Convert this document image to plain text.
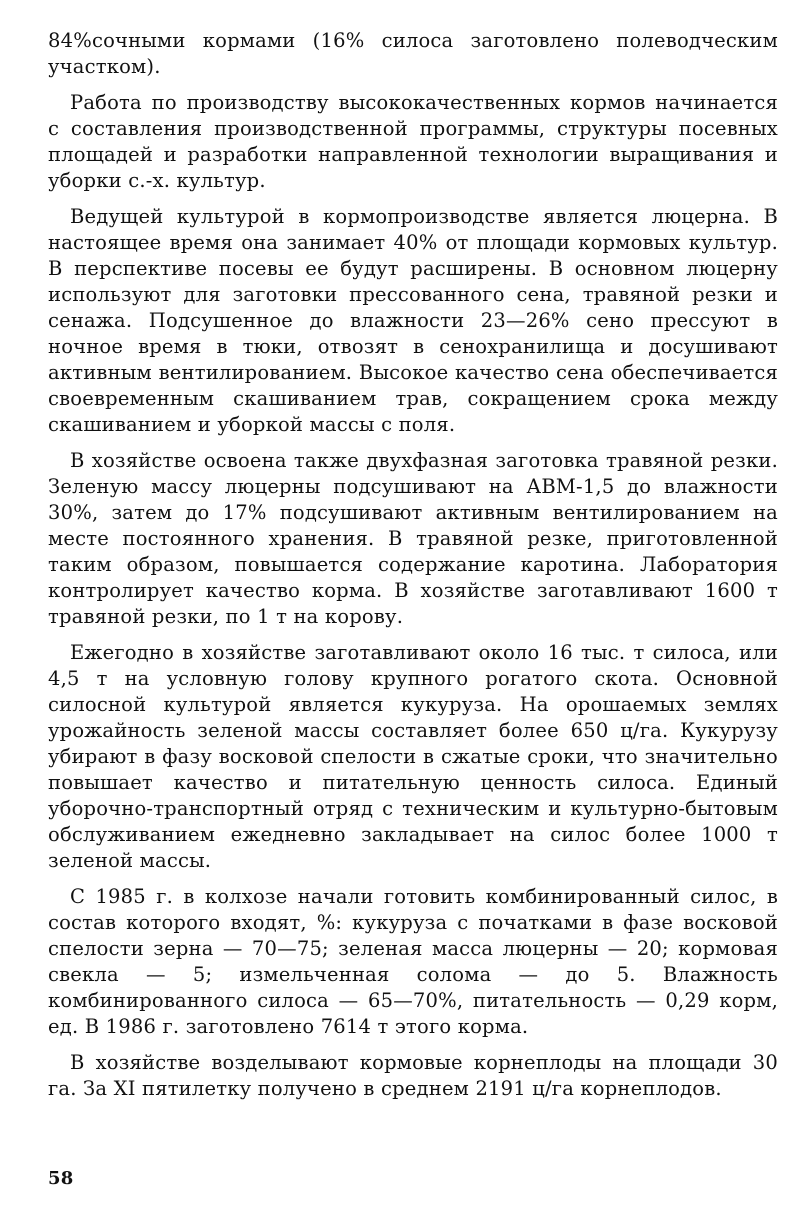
84%сочными кормами (16% силоса заготовлено полеводческим участком).

Работа по производству высококачественных кормов начинается с составления производственной программы, структуры посевных площадей и разработки направленной технологии выращивания и уборки с.-х. культур.

Ведущей культурой в кормопроизводстве является люцерна. В настоящее время она занимает 40% от площади кормовых культур. В перспективе посевы ее будут расширены. В основном люцерну используют для заготовки прессованного сена, травяной резки и сенажа. Подсушенное до влажности 23—26% сено прессуют в ночное время в тюки, отвозят в сенохранилища и досушивают активным вентилированием. Высокое качество сена обеспечивается своевременным скашиванием трав, сокращением срока между скашиванием и уборкой массы с поля.

В хозяйстве освоена также двухфазная заготовка травяной резки. Зеленую массу люцерны подсушивают на АВМ-1,5 до влажности 30%, затем до 17% подсушивают активным вентилированием на месте постоянного хранения. В травяной резке, приготовленной таким образом, повышается содержание каротина. Лаборатория контролирует качество корма. В хозяйстве заготавливают 1600 т травяной резки, по 1 т на корову.

Ежегодно в хозяйстве заготавливают около 16 тыс. т силоса, или 4,5 т на условную голову крупного рогатого скота. Основной силосной культурой является кукуруза. На орошаемых землях урожайность зеленой массы составляет более 650 ц/га. Кукурузу убирают в фазу восковой спелости в сжатые сроки, что значительно повышает качество и питательную ценность силоса. Единый уборочно-транспортный отряд с техническим и культурно-бытовым обслуживанием ежедневно закладывает на силос более 1000 т зеленой массы.

С 1985 г. в колхозе начали готовить комбинированный силос, в состав которого входят, %: кукуруза с початками в фазе восковой спелости зерна — 70—75; зеленая масса люцерны — 20; кормовая свекла — 5; измельченная солома — до 5. Влажность комбинированного силоса — 65—70%, питательность — 0,29 корм, ед. В 1986 г. заготовлено 7614 т этого корма.

В хозяйстве возделывают кормовые корнеплоды на площади 30 га. За XI пятилетку получено в среднем 2191 ц/га корнеплодов.

58
